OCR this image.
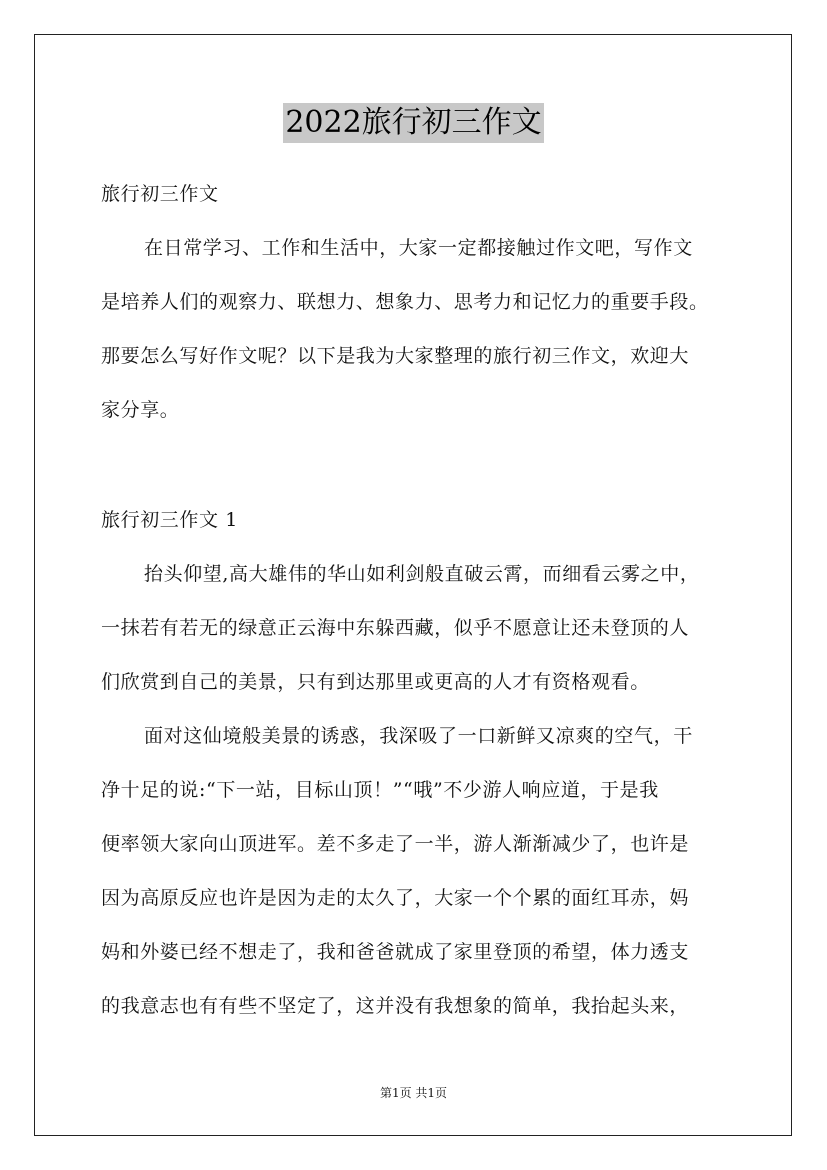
2022旅行初三作文
旅行初三作文
在日常学习、工作和生活中，大家一定都接触过作文吧，写作文
是培养人们的观察力、联想力、想象力、思考力和记忆力的重要手段。
那要怎么写好作文呢？以下是我为大家整理的旅行初三作文，欢迎大
家分享。
旅行初三作文 1
抬头仰望,高大雄伟的华山如利剑般直破云霄，而细看云雾之中，
一抹若有若无的绿意正云海中东躲西藏，似乎不愿意让还未登顶的人
们欣赏到自己的美景，只有到达那里或更高的人才有资格观看。
面对这仙境般美景的诱惑，我深吸了一口新鲜又凉爽的空气，干
净十足的说:“下一站，目标山顶！”“哦”不少游人响应道，于是我
便率领大家向山顶进军。差不多走了一半，游人渐渐减少了，也许是
因为高原反应也许是因为走的太久了，大家一个个累的面红耳赤，妈
妈和外婆已经不想走了，我和爸爸就成了家里登顶的希望，体力透支
的我意志也有有些不坚定了，这并没有我想象的简单，我抬起头来，
第1页 共1页
